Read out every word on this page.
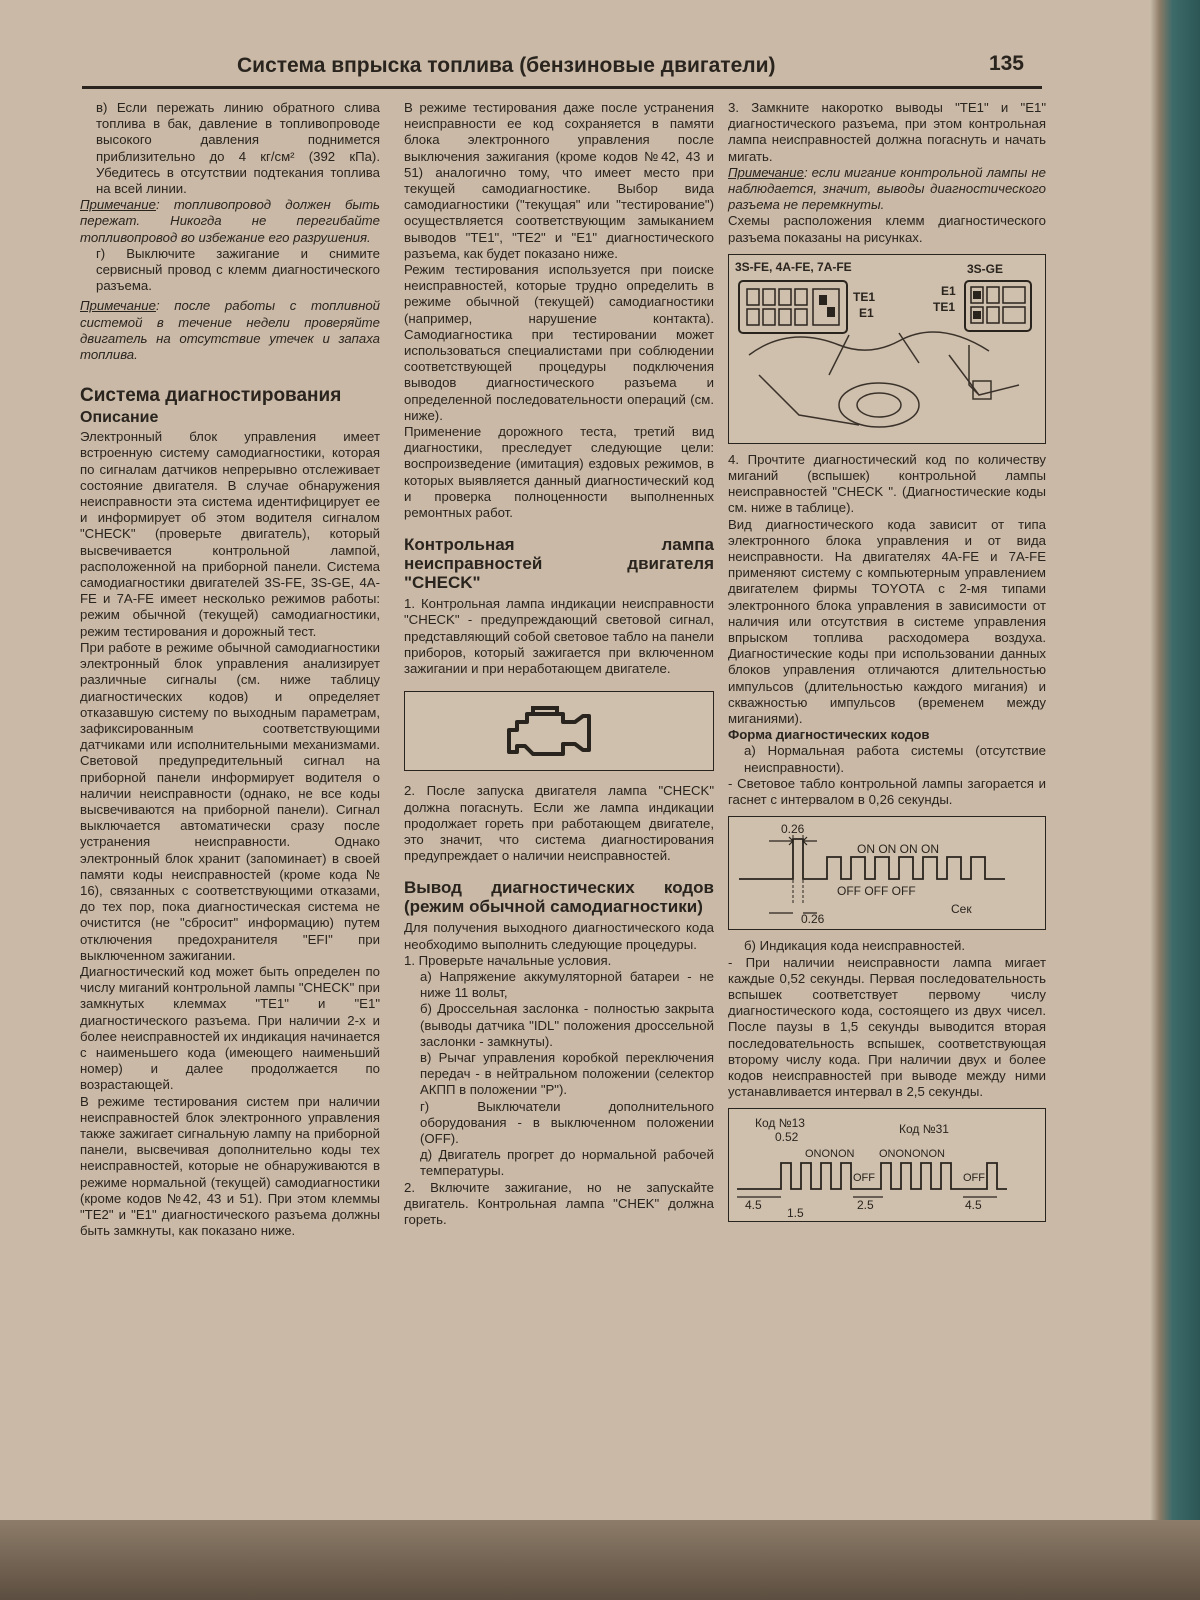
Система впрыска топлива (бензиновые двигатели)	135

в) Если пережать линию обратного слива топлива в бак, давление в топливопроводе высокого давления поднимется приблизительно до 4 кг/см² (392 кПа). Убедитесь в отсутствии подтекания топлива на всей линии.

Примечание: топливопровод должен быть пережат. Никогда не перегибайте топливопровод во избежание его разрушения.

г) Выключите зажигание и снимите сервисный провод с клемм диагностического разъема.

Примечание: после работы с топливной системой в течение недели проверяйте двигатель на отсутствие утечек и запаха топлива.

Система диагностирования
Описание

Электронный блок управления имеет встроенную систему самодиагностики, которая по сигналам датчиков непрерывно отслеживает состояние двигателя. В случае обнаружения неисправности эта система идентифицирует ее и информирует об этом водителя сигналом "CHECK" (проверьте двигатель), который высвечивается контрольной лампой, расположенной на приборной панели. Система самодиагностики двигателей 3S-FE, 3S-GE, 4A-FE и 7A-FE имеет несколько режимов работы: режим обычной (текущей) самодиагностики, режим тестирования и дорожный тест.

При работе в режиме обычной самодиагностики электронный блок управления анализирует различные сигналы (см. ниже таблицу диагностических кодов) и определяет отказавшую систему по выходным параметрам, зафиксированным соответствующими датчиками или исполнительными механизмами. Световой предупредительный сигнал на приборной панели информирует водителя о наличии неисправности (однако, не все коды высвечиваются на приборной панели). Сигнал выключается автоматически сразу после устранения неисправности. Однако электронный блок хранит (запоминает) в своей памяти коды неисправностей (кроме кода № 16), связанных с соответствующими отказами, до тех пор, пока диагностическая система не очистится (не "сбросит" информацию) путем отключения предохранителя "EFI" при выключенном зажигании.

Диагностический код может быть определен по числу миганий контрольной лампы "CHECK" при замкнутых клеммах "TE1" и "E1" диагностического разъема. При наличии 2-х и более неисправностей их индикация начинается с наименьшего кода (имеющего наименьший номер) и далее продолжается по возрастающей.

В режиме тестирования систем при наличии неисправностей блок электронного управления также зажигает сигнальную лампу на приборной панели, высвечивая дополнительно коды тех неисправностей, которые не обнаруживаются в режиме нормальной (текущей) самодиагностики (кроме кодов №42, 43 и 51). При этом клеммы "TE2" и "E1" диагностического разъема должны быть замкнуты, как показано ниже.

В режиме тестирования даже после устранения неисправности ее код сохраняется в памяти блока электронного управления после выключения зажигания (кроме кодов №42, 43 и 51) аналогично тому, что имеет место при текущей самодиагностике. Выбор вида самодиагностики ("текущая" или "тестирование") осуществляется соответствующим замыканием выводов "TE1", "TE2" и "E1" диагностического разъема, как будет показано ниже.

Режим тестирования используется при поиске неисправностей, которые трудно определить в режиме обычной (текущей) самодиагностики (например, нарушение контакта). Самодиагностика при тестировании может использоваться специалистами при соблюдении соответствующей процедуры подключения выводов диагностического разъема и определенной последовательности операций (см. ниже).

Применение дорожного теста, третий вид диагностики, преследует следующие цели: воспроизведение (имитация) ездовых режимов, в которых выявляется данный диагностический код и проверка полноценности выполненных ремонтных работ.

Контрольная лампа неисправностей двигателя "CHECK"

1. Контрольная лампа индикации неисправности "CHECK" - предупреждающий световой сигнал, представляющий собой световое табло на панели приборов, который зажигается при включенном зажигании и при неработающем двигателе.

2. После запуска двигателя лампа "CHECK" должна погаснуть. Если же лампа индикации продолжает гореть при работающем двигателе, это значит, что система диагностирования предупреждает о наличии неисправностей.

Вывод диагностических кодов (режим обычной самодиагностики)

Для получения выходного диагностического кода необходимо выполнить следующие процедуры.

1. Проверьте начальные условия.

а) Напряжение аккумуляторной батареи - не ниже 11 вольт,

б) Дроссельная заслонка - полностью закрыта (выводы датчика "IDL" положения дроссельной заслонки - замкнуты).

в) Рычаг управления коробкой переключения передач - в нейтральном положении (селектор АКПП в положении "P").

г) Выключатели дополнительного оборудования - в выключенном положении (OFF).

д) Двигатель прогрет до нормальной рабочей температуры.

2. Включите зажигание, но не запускайте двигатель. Контрольная лампа "CHEK" должна гореть.

3. Замкните накоротко выводы "TE1" и "E1" диагностического разъема, при этом контрольная лампа неисправностей должна погаснуть и начать мигать.

Примечание: если мигание контрольной лампы не наблюдается, значит, выводы диагностического разъема не перемкнуты.

Схемы расположения клемм диагностического разъема показаны на рисунках.

3S-FE, 4A-FE, 7A-FE	3S-GE
TE1
E1
E1
TE1

4. Прочтите диагностический код по количеству миганий (вспышек) контрольной лампы неисправностей "CHECK ". (Диагностические коды см. ниже в таблице).

Вид диагностического кода зависит от типа электронного блока управления и от вида неисправности. На двигателях 4A-FE и 7A-FE применяют систему с компьютерным управлением двигателем фирмы TOYOTA с 2-мя типами электронного блока управления в зависимости от наличия или отсутствия в системе управления впрыском топлива расходомера воздуха. Диагностические коды при использовании данных блоков управления отличаются длительностью импульсов (длительностью каждого мигания) и скважностью импульсов (временем между миганиями).

Форма диагностических кодов

а) Нормальная работа системы (отсутствие неисправности).

- Световое табло контрольной лампы загорается и гаснет с интервалом в 0,26 секунды.

0.26
ON ON ON ON
OFF OFF OFF
0.26
Сек

б) Индикация кода неисправностей.

- При наличии неисправности лампа мигает каждые 0,52 секунды. Первая последовательность вспышек соответствует первому числу диагностического кода, состоящего из двух чисел. После паузы в 1,5 секунды выводится вторая последовательность вспышек, соответствующая второму числу кода. При наличии двух и более кодов неисправностей при выводе между ними устанавливается интервал в 2,5 секунды.

Код №13	Код №31
0.52
ONONON ONONONON
OFF	OFF
4.5
1.5
2.5	4.5
